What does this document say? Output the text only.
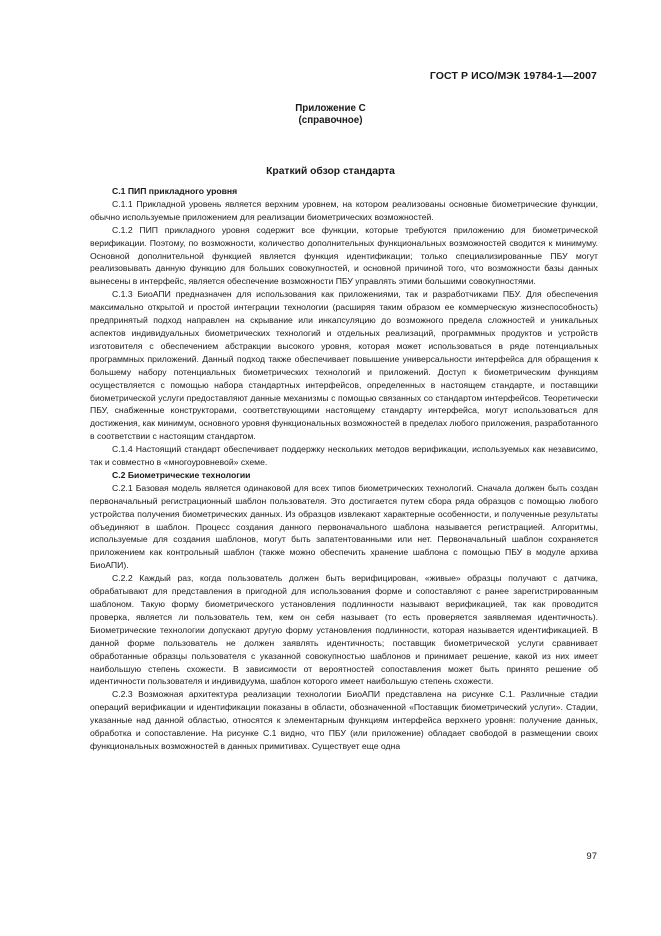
ГОСТ Р ИСО/МЭК 19784-1—2007
Приложение С
(справочное)
Краткий обзор стандарта
С.1 ПИП прикладного уровня

С.1.1 Прикладной уровень является верхним уровнем, на котором реализованы основные биометрические функции, обычно используемые приложением для реализации биометрических возможностей.

С.1.2 ПИП прикладного уровня содержит все функции, которые требуются приложению для биометрической верификации. Поэтому, по возможности, количество дополнительных функциональных возможностей сводится к минимуму. Основной дополнительной функцией является функция идентификации; только специализированные ПБУ могут реализовывать данную функцию для больших совокупностей, и основной причиной того, что возможности базы данных вынесены в интерфейс, является обеспечение возможности ПБУ управлять этими большими совокупностями.

С.1.3 БиоАПИ предназначен для использования как приложениями, так и разработчиками ПБУ. Для обеспечения максимально открытой и простой интеграции технологии (расширяя таким образом ее коммерческую жизнеспособность) предпринятый подход направлен на скрывание или инкапсуляцию до возможного предела сложностей и уникальных аспектов индивидуальных биометрических технологий и отдельных реализаций, программных продуктов и устройств изготовителя с обеспечением абстракции высокого уровня, которая может использоваться в ряде потенциальных программных приложений. Данный подход также обеспечивает повышение универсальности интерфейса для обращения к большему набору потенциальных биометрических технологий и приложений. Доступ к биометрическим функциям осуществляется с помощью набора стандартных интерфейсов, определенных в настоящем стандарте, и поставщики биометрической услуги предоставляют данные механизмы с помощью связанных со стандартом интерфейсов. Теоретически ПБУ, снабженные конструкторами, соответствующими настоящему стандарту интерфейса, могут использоваться для достижения, как минимум, основного уровня функциональных возможностей в пределах любого приложения, разработанного в соответствии с настоящим стандартом.

С.1.4 Настоящий стандарт обеспечивает поддержку нескольких методов верификации, используемых как независимо, так и совместно в «многоуровневой» схеме.

С.2 Биометрические технологии

С.2.1 Базовая модель является одинаковой для всех типов биометрических технологий. Сначала должен быть создан первоначальный регистрационный шаблон пользователя. Это достигается путем сбора ряда образцов с помощью любого устройства получения биометрических данных. Из образцов извлекают характерные особенности, и полученные результаты объединяют в шаблон. Процесс создания данного первоначального шаблона называется регистрацией. Алгоритмы, используемые для создания шаблонов, могут быть запатентованными или нет. Первоначальный шаблон сохраняется приложением как контрольный шаблон (также можно обеспечить хранение шаблона с помощью ПБУ в модуле архива БиоАПИ).

С.2.2 Каждый раз, когда пользователь должен быть верифицирован, «живые» образцы получают с датчика, обрабатывают для представления в пригодной для использования форме и сопоставляют с ранее зарегистрированным шаблоном. Такую форму биометрического установления подлинности называют верификацией, так как проводится проверка, является ли пользователь тем, кем он себя называет (то есть проверяется заявляемая идентичность). Биометрические технологии допускают другую форму установления подлинности, которая называется идентификацией. В данной форме пользователь не должен заявлять идентичность; поставщик биометрической услуги сравнивает обработанные образцы пользователя с указанной совокупностью шаблонов и принимает решение, какой из них имеет наибольшую степень схожести. В зависимости от вероятностей сопоставления может быть принято решение об идентичности пользователя и индивидуума, шаблон которого имеет наибольшую степень схожести.

С.2.3 Возможная архитектура реализации технологии БиоАПИ представлена на рисунке С.1. Различные стадии операций верификации и идентификации показаны в области, обозначенной «Поставщик биометрический услуги». Стадии, указанные над данной областью, относятся к элементарным функциям интерфейса верхнего уровня: получение данных, обработка и сопоставление. На рисунке С.1 видно, что ПБУ (или приложение) обладает свободой в размещении своих функциональных возможностей в данных примитивах. Существует еще одна

97
